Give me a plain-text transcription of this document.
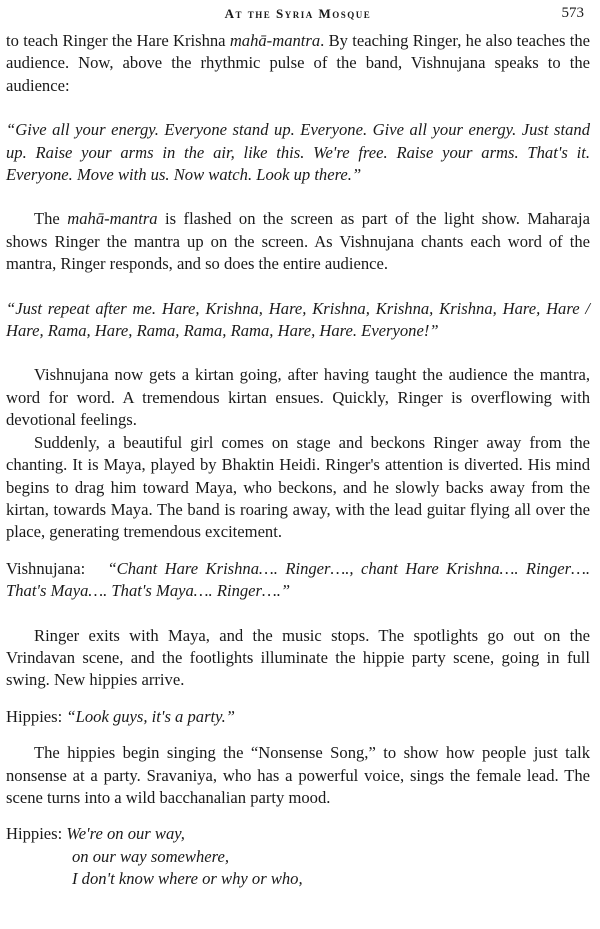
At the Syria Mosque	573

to teach Ringer the Hare Krishna mahā-mantra. By teaching Ringer, he also teaches the audience. Now, above the rhythmic pulse of the band, Vishnujana speaks to the audience:

“Give all your energy. Everyone stand up. Everyone. Give all your energy. Just stand up. Raise your arms in the air, like this. We're free. Raise your arms. That's it. Everyone. Move with us. Now watch. Look up there.”

The mahā-mantra is flashed on the screen as part of the light show. Maharaja shows Ringer the mantra up on the screen. As Vishnujana chants each word of the mantra, Ringer responds, and so does the entire audience.

“Just repeat after me. Hare, Krishna, Hare, Krishna, Krishna, Krishna, Hare, Hare / Hare, Rama, Hare, Rama, Rama, Rama, Hare, Hare. Everyone!”

Vishnujana now gets a kirtan going, after having taught the audience the mantra, word for word. A tremendous kirtan ensues. Quickly, Ringer is overflowing with devotional feelings.

Suddenly, a beautiful girl comes on stage and beckons Ringer away from the chanting. It is Maya, played by Bhaktin Heidi. Ringer's attention is diverted. His mind begins to drag him toward Maya, who beckons, and he slowly backs away from the kirtan, towards Maya. The band is roaring away, with the lead guitar flying all over the place, generating tremendous excitement.

Vishnujana: “Chant Hare Krishna…. Ringer…., chant Hare Krishna…. Ringer…. That's Maya…. That's Maya…. Ringer….”

Ringer exits with Maya, and the music stops. The spotlights go out on the Vrindavan scene, and the footlights illuminate the hippie party scene, going in full swing. New hippies arrive.

Hippies: “Look guys, it's a party.”

The hippies begin singing the “Nonsense Song,” to show how people just talk nonsense at a party. Sravaniya, who has a powerful voice, sings the female lead. The scene turns into a wild bacchanalian party mood.

Hippies: We're on our way,

on our way somewhere,

I don't know where or why or who,
